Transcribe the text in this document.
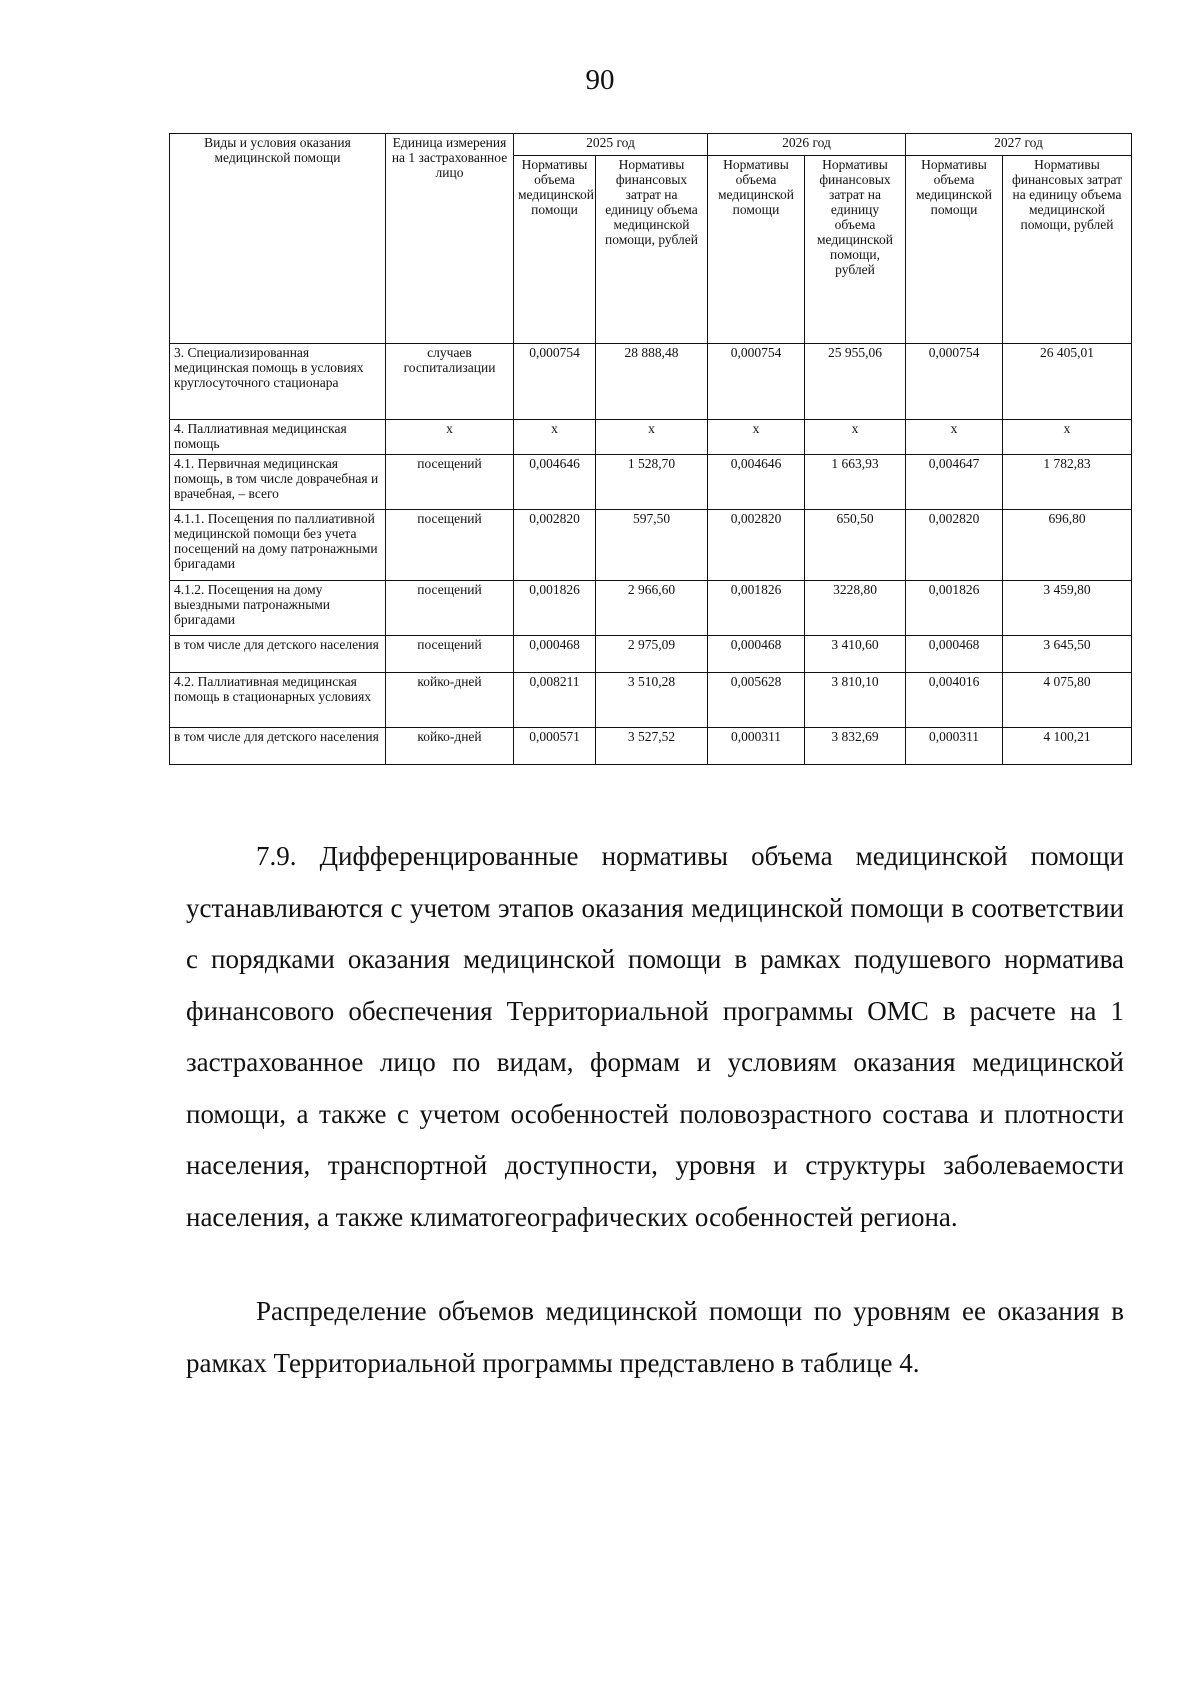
90
Виды и условия оказания медицинской помощи	Единица измерения на 1 застрахованное лицо	2025 год		2026 год		2027 год	
		Нормативы объема медицинской помощи	Нормативы финансовых затрат на единицу объема медицинской помощи, рублей	Нормативы объема медицинской помощи	Нормативы финансовых затрат на единицу объема медицинской помощи, рублей	Нормативы объема медицинской помощи	Нормативы финансовых затрат на единицу объема медицинской помощи, рублей
3. Специализированная медицинская помощь в условиях круглосуточного стационара	случаев госпитализации	0,000754	28 888,48	0,000754	25 955,06	0,000754	26 405,01
4. Паллиативная медицинская помощь	x	x	x	x	x	x	x
4.1. Первичная медицинская помощь, в том числе доврачебная и врачебная, – всего	посещений	0,004646	1 528,70	0,004646	1 663,93	0,004647	1 782,83
4.1.1. Посещения по паллиативной медицинской помощи без учета посещений на дому патронажными бригадами	посещений	0,002820	597,50	0,002820	650,50	0,002820	696,80
4.1.2. Посещения на дому выездными патронажными бригадами	посещений	0,001826	2 966,60	0,001826	3228,80	0,001826	3 459,80
в том числе для детского населения	посещений	0,000468	2 975,09	0,000468	3 410,60	0,000468	3 645,50
4.2. Паллиативная медицинская помощь в стационарных условиях	койко-дней	0,008211	3 510,28	0,005628	3 810,10	0,004016	4 075,80
в том числе для детского населения	койко-дней	0,000571	3 527,52	0,000311	3 832,69	0,000311	4 100,21

7.9. Дифференцированные нормативы объема медицинской помощи устанавливаются с учетом этапов оказания медицинской помощи в соответствии с порядками оказания медицинской помощи в рамках подушевого норматива финансового обеспечения Территориальной программы ОМС в расчете на 1 застрахованное лицо по видам, формам и условиям оказания медицинской помощи, а также с учетом особенностей половозрастного состава и плотности населения, транспортной доступности, уровня и структуры заболеваемости населения, а также климатогеографических особенностей региона.

Распределение объемов медицинской помощи по уровням ее оказания в рамках Территориальной программы представлено в таблице 4.
